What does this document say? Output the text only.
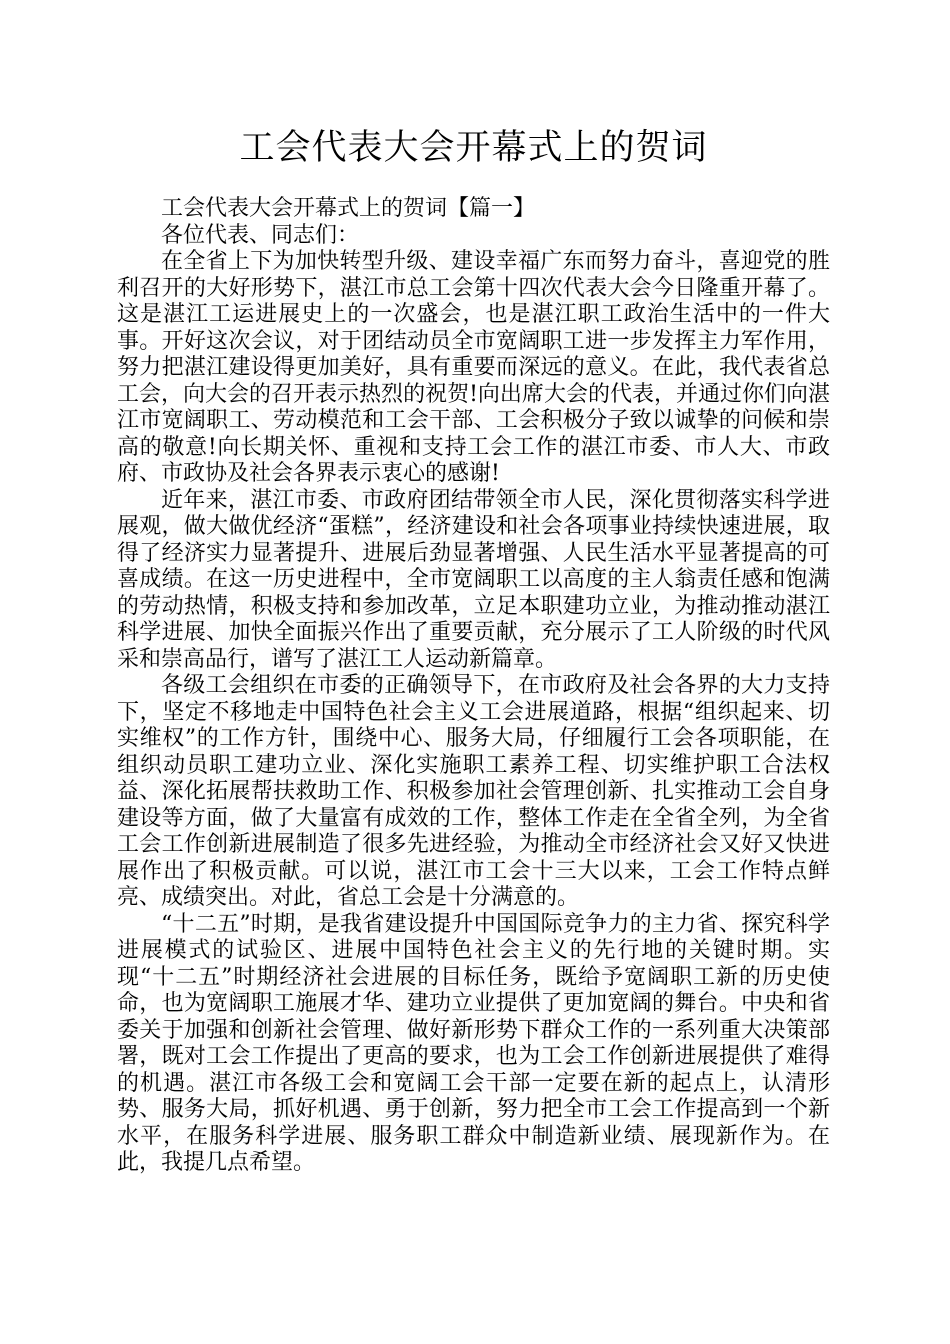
工会代表大会开幕式上的贺词

工会代表大会开幕式上的贺词【篇一】

各位代表、同志们：

在全省上下为加快转型升级、建设幸福广东而努力奋斗，喜迎党的胜利召开的大好形势下，湛江市总工会第十四次代表大会今日隆重开幕了。这是湛江工运进展史上的一次盛会，也是湛江职工政治生活中的一件大事。开好这次会议，对于团结动员全市宽阔职工进一步发挥主力军作用，努力把湛江建设得更加美好，具有重要而深远的意义。在此，我代表省总工会，向大会的召开表示热烈的祝贺!向出席大会的代表，并通过你们向湛江市宽阔职工、劳动模范和工会干部、工会积极分子致以诚挚的问候和崇高的敬意!向长期关怀、重视和支持工会工作的湛江市委、市人大、市政府、市政协及社会各界表示衷心的感谢!

近年来，湛江市委、市政府团结带领全市人民，深化贯彻落实科学进展观，做大做优经济“蛋糕”，经济建设和社会各项事业持续快速进展，取得了经济实力显著提升、进展后劲显著增强、人民生活水平显著提高的可喜成绩。在这一历史进程中，全市宽阔职工以高度的主人翁责任感和饱满的劳动热情，积极支持和参加改革，立足本职建功立业，为推动推动湛江科学进展、加快全面振兴作出了重要贡献，充分展示了工人阶级的时代风采和崇高品行，谱写了湛江工人运动新篇章。

各级工会组织在市委的正确领导下，在市政府及社会各界的大力支持下，坚定不移地走中国特色社会主义工会进展道路，根据“组织起来、切实维权”的工作方针，围绕中心、服务大局，仔细履行工会各项职能，在组织动员职工建功立业、深化实施职工素养工程、切实维护职工合法权益、深化拓展帮扶救助工作、积极参加社会管理创新、扎实推动工会自身建设等方面，做了大量富有成效的工作，整体工作走在全省全列，为全省工会工作创新进展制造了很多先进经验，为推动全市经济社会又好又快进展作出了积极贡献。可以说，湛江市工会十三大以来，工会工作特点鲜亮、成绩突出。对此，省总工会是十分满意的。

“十二五”时期，是我省建设提升中国国际竞争力的主力省、探究科学进展模式的试验区、进展中国特色社会主义的先行地的关键时期。实现“十二五”时期经济社会进展的目标任务，既给予宽阔职工新的历史使命，也为宽阔职工施展才华、建功立业提供了更加宽阔的舞台。中央和省委关于加强和创新社会管理、做好新形势下群众工作的一系列重大决策部署，既对工会工作提出了更高的要求，也为工会工作创新进展提供了难得的机遇。湛江市各级工会和宽阔工会干部一定要在新的起点上，认清形势、服务大局，抓好机遇、勇于创新，努力把全市工会工作提高到一个新水平，在服务科学进展、服务职工群众中制造新业绩、展现新作为。在此，我提几点希望。
